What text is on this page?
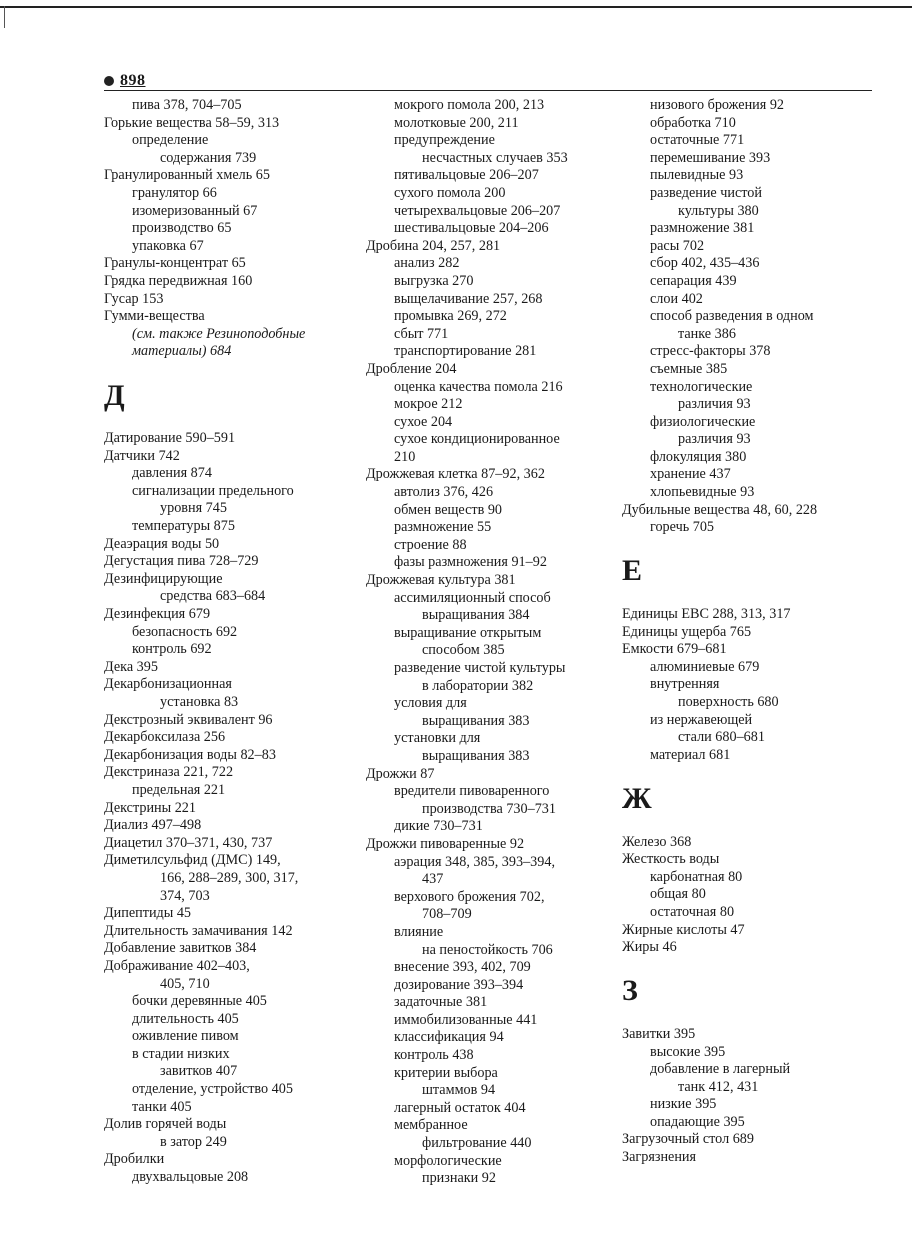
898
пива 378, 704–705
Горькие вещества 58–59, 313
определение
содержания 739
Гранулированный хмель 65
гранулятор 66
изомеризованный 67
производство 65
упаковка 67
Гранулы-концентрат 65
Грядка передвижная 160
Гусар 153
Гумми-вещества
(см. также Резиноподобные
материалы) 684
Д
Датирование 590–591
Датчики 742
давления 874
сигнализации предельного
уровня 745
температуры 875
Деаэрация воды 50
Дегустация пива 728–729
Дезинфицирующие
средства 683–684
Дезинфекция 679
безопасность 692
контроль 692
Дека 395
Декарбонизационная
установка 83
Декстрозный эквивалент 96
Декарбоксилаза 256
Декарбонизация воды 82–83
Декстриназа 221, 722
предельная 221
Декстрины 221
Диализ 497–498
Диацетил 370–371, 430, 737
Диметилсульфид (ДМС) 149,
166, 288–289, 300, 317,
374, 703
Дипептиды 45
Длительность замачивания 142
Добавление завитков 384
Дображивание 402–403,
405, 710
бочки деревянные 405
длительность 405
оживление пивом
в стадии низких
завитков 407
отделение, устройство 405
танки 405
Долив горячей воды
в затор 249
Дробилки
двухвальцовые 208
мокрого помола 200, 213
молотковые 200, 211
предупреждение
несчастных случаев 353
пятивальцовые 206–207
сухого помола 200
четырехвальцовые 206–207
шестивальцовые 204–206
Дробина 204, 257, 281
анализ 282
выгрузка 270
выщелачивание 257, 268
промывка 269, 272
сбыт 771
транспортирование 281
Дробление 204
оценка качества помола 216
мокрое 212
сухое 204
сухое кондиционированное
210
Дрожжевая клетка 87–92, 362
автолиз 376, 426
обмен веществ 90
размножение 55
строение 88
фазы размножения 91–92
Дрожжевая культура 381
ассимиляционный способ
выращивания 384
выращивание открытым
способом 385
разведение чистой культуры
в лаборатории 382
условия для
выращивания 383
установки для
выращивания 383
Дрожжи 87
вредители пивоваренного
производства 730–731
дикие 730–731
Дрожжи пивоваренные 92
аэрация 348, 385, 393–394,
437
верхового брожения 702,
708–709
влияние
на пеностойкость 706
внесение 393, 402, 709
дозирование 393–394
задаточные 381
иммобилизованные 441
классификация 94
контроль 438
критерии выбора
штаммов 94
лагерный остаток 404
мембранное
фильтрование 440
морфологические
признаки 92
низового брожения 92
обработка 710
остаточные 771
перемешивание 393
пылевидные 93
разведение чистой
культуры 380
размножение 381
расы 702
сбор 402, 435–436
сепарация 439
слои 402
способ разведения в одном
танке 386
стресс-факторы 378
съемные 385
технологические
различия 93
физиологические
различия 93
флокуляция 380
хранение 437
хлопьевидные 93
Дубильные вещества 48, 60, 228
горечь 705
Е
Единицы ЕВС 288, 313, 317
Единицы ущерба 765
Емкости 679–681
алюминиевые 679
внутренняя
поверхность 680
из нержавеющей
стали 680–681
материал 681
Ж
Железо 368
Жесткость воды
карбонатная 80
общая 80
остаточная 80
Жирные кислоты 47
Жиры 46
З
Завитки 395
высокие 395
добавление в лагерный
танк 412, 431
низкие 395
опадающие 395
Загрузочный стол 689
Загрязнения
